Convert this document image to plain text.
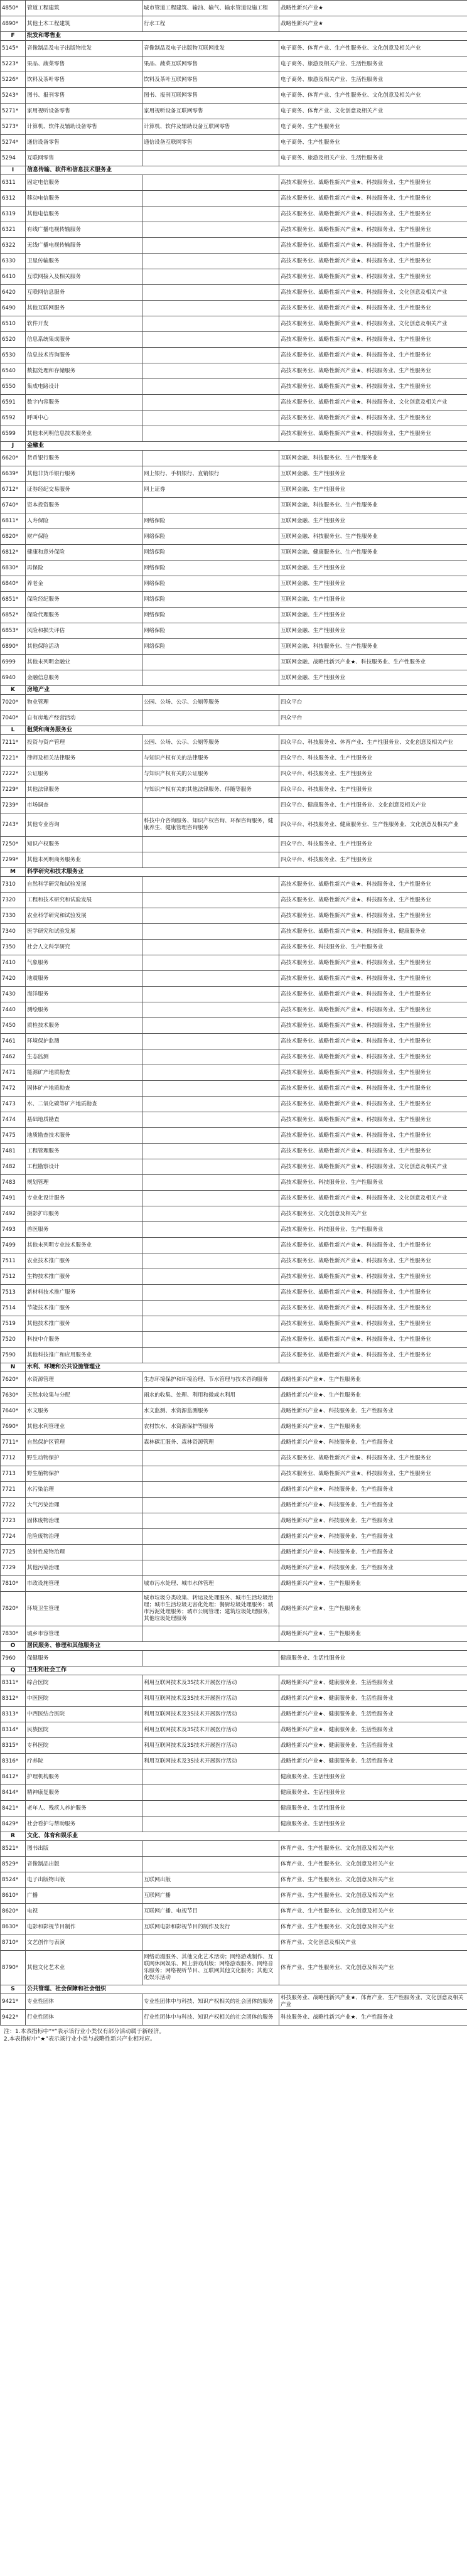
4850*	管道工程建筑	城市管道工程建筑、输油、输气、输水管道设施工程	战略性新兴产业★
4890*	其他土木工程建筑	行水工程	战略性新兴产业★
F	批发和零售业		
5145*	音像制品及电子出版物批发	音像制品及电子出版物互联网批发	电子商务、体育产业、生产性服务业、文化创意及相关产业
5223*	果品、蔬菜零售	果品、蔬菜互联网零售	电子商务、旅游及相关产业、生活性服务业
5226*	饮料及茶叶零售	饮料及茶叶互联网零售	电子商务、旅游及相关产业、生活性服务业
5243*	图书、报刊零售	图书、报刊互联网零售	电子商务、体育产业、生产性服务业、文化创意及相关产业
5271*	家用视听设备零售	家用视听设备互联网零售	电子商务、体育产业、文化创意及相关产业
5273*	计算机、软件及辅助设备零售	计算机、软件及辅助设备互联网零售	电子商务、生产性服务业
5274*	通信设备零售	通信设备互联网零售	电子商务、生产性服务业
5294	互联网零售		电子商务、旅游及相关产业、生活性服务业
I	信息传输、软件和信息技术服务业		
6311	固定电信服务		高技术服务业、战略性新兴产业★、科技服务业、生产性服务业
6312	移动电信服务		高技术服务业、战略性新兴产业★、科技服务业、生产性服务业
6319	其他电信服务		高技术服务业、战略性新兴产业★、科技服务业、生产性服务业
6321	有线广播电视传输服务		高技术服务业、战略性新兴产业★、科技服务业、生产性服务业
6322	无线广播电视传输服务		高技术服务业、战略性新兴产业★、科技服务业、生产性服务业
6330	卫星传输服务		高技术服务业、战略性新兴产业★、科技服务业、生产性服务业
6410	互联网接入及相关服务		高技术服务业、战略性新兴产业★、科技服务业、生产性服务业
6420	互联网信息服务		高技术服务业、战略性新兴产业★、科技服务业、文化创意及相关产业
6490	其他互联网服务		高技术服务业、战略性新兴产业★、科技服务业、生产性服务业
6510	软件开发		高技术服务业、战略性新兴产业★、科技服务业、文化创意及相关产业
6520	信息系统集成服务		高技术服务业、战略性新兴产业★、科技服务业、生产性服务业
6530	信息技术咨询服务		高技术服务业、战略性新兴产业★、科技服务业、生产性服务业
6540	数据处理和存储服务		高技术服务业、战略性新兴产业★、科技服务业、生产性服务业
6550	集成电路设计		高技术服务业、战略性新兴产业★、科技服务业、生产性服务业
6591	数字内容服务		高技术服务业、战略性新兴产业★、科技服务业、文化创意及相关产业
6592	呼叫中心		高技术服务业、战略性新兴产业★、科技服务业、生产性服务业
6599	其他未列明信息技术服务业		高技术服务业、战略性新兴产业★、科技服务业、生产性服务业
J	金融业		
6620*	货币银行服务		互联网金融、科技服务业、生产性服务业
6639*	其他非货币银行服务	网上银行、手机银行、直销银行	互联网金融、生产性服务业
6712*	证券经纪交易服务	网上证券	互联网金融、生产性服务业
6740*	资本投资服务		互联网金融、科技服务业、生产性服务业
6811*	人寿保险	网络保险	互联网金融、生产性服务业
6820*	财产保险	网络保险	互联网金融、科技服务业、生产性服务业
6812*	健康和意外保险	网络保险	互联网金融、健康服务业、生产性服务业
6830*	再保险	网络保险	互联网金融、生产性服务业
6840*	养老金	网络保险	互联网金融、生产性服务业
6851*	保险经纪服务	网络保险	互联网金融、生产性服务业
6852*	保险代理服务	网络保险	互联网金融、生产性服务业
6853*	风险和损失评估	网络保险	互联网金融、生产性服务业
6890*	其他保险活动	网络保险	互联网金融、科技服务业、生产性服务业
6999	其他未列明金融业		互联网金融、战略性新兴产业★、科技服务业、生产性服务业
6940	金融信息服务		互联网金融、生产性服务业
K	房地产业		
7020*	物业管理	公园、公场、公示、公厕等服务	四众平台
7040*	自有房地产经营活动		四众平台
L	租赁和商务服务业		
7211*	投资与资产管理	公园、公场、公示、公厕等服务	四众平台、科技服务业、体育产业、生产性服务业、文化创意及相关产业
7221*	律师及相关法律服务	与知识产权有关的法律服务	四众平台、科技服务业、生产性服务业
7222*	公证服务	与知识产权有关的公证服务	四众平台、科技服务业、生产性服务业
7229*	其他法律服务	与知识产权有关的其他法律服务、伴随等服务	四众平台、科技服务业、生产性服务业
7239*	市场调查		四众平台、健康服务业、生产性服务业、文化创意及相关产业
7243*	其他专业咨询	科技中介咨询服务、知识产权咨询、环保咨询服务，健康养生、健康管理咨询服务	四众平台、科技服务业、健康服务业、生产性服务业、文化创意及相关产业
7250*	知识产权服务		四众平台、科技服务业、生产性服务业
7299*	其他未列明商务服务业		四众平台、科技服务业、生产性服务业
M	科学研究和技术服务业		
7310	自然科学研究和试验发展		高技术服务业、战略性新兴产业★、科技服务业、生产性服务业
7320	工程和技术研究和试验发展		高技术服务业、战略性新兴产业★、科技服务业、生产性服务业
7330	农业科学研究和试验发展		高技术服务业、战略性新兴产业★、科技服务业、生产性服务业
7340	医学研究和试验发展		高技术服务业、战略性新兴产业★、科技服务业、健康服务业
7350	社会人文科学研究		高技术服务业、科技服务业、生产性服务业
7410	气象服务		高技术服务业、战略性新兴产业★、科技服务业、生产性服务业
7420	地震服务		高技术服务业、战略性新兴产业★、科技服务业、生产性服务业
7430	海洋服务		高技术服务业、战略性新兴产业★、科技服务业、生产性服务业
7440	测绘服务		高技术服务业、战略性新兴产业★、科技服务业、生产性服务业
7450	质检技术服务		高技术服务业、战略性新兴产业★、科技服务业、生产性服务业
7461	环境保护监测		高技术服务业、战略性新兴产业★、科技服务业、生产性服务业
7462	生态监测		高技术服务业、战略性新兴产业★、科技服务业、生产性服务业
7471	能源矿产地质勘查		高技术服务业、战略性新兴产业★、科技服务业、生产性服务业
7472	固体矿产地质勘查		高技术服务业、战略性新兴产业★、科技服务业、生产性服务业
7473	水、二氧化碳等矿产地质勘查		高技术服务业、战略性新兴产业★、科技服务业、生产性服务业
7474	基础地质勘查		高技术服务业、战略性新兴产业★、科技服务业、生产性服务业
7475	地质勘查技术服务		高技术服务业、战略性新兴产业★、科技服务业、生产性服务业
7481	工程管理服务		高技术服务业、战略性新兴产业★、科技服务业、生产性服务业
7482	工程勘察设计		高技术服务业、战略性新兴产业★、科技服务业、文化创意及相关产业
7483	规划管理		高技术服务业、科技服务业、生产性服务业
7491	专业化设计服务		高技术服务业、战略性新兴产业★、科技服务业、文化创意及相关产业
7492	摄影扩印服务		高技术服务业、文化创意及相关产业
7493	兽医服务		高技术服务业、科技服务业、生产性服务业
7499	其他未列明专业技术服务业		高技术服务业、战略性新兴产业★、科技服务业、生产性服务业
7511	农业技术推广服务		高技术服务业、战略性新兴产业★、科技服务业、生产性服务业
7512	生物技术推广服务		高技术服务业、战略性新兴产业★、科技服务业、生产性服务业
7513	新材料技术推广服务		高技术服务业、战略性新兴产业★、科技服务业、生产性服务业
7514	节能技术推广服务		高技术服务业、战略性新兴产业★、科技服务业、生产性服务业
7519	其他技术推广服务		高技术服务业、战略性新兴产业★、科技服务业、生产性服务业
7520	科技中介服务		高技术服务业、战略性新兴产业★、科技服务业、生产性服务业
7590	其他科技推广和应用服务业		高技术服务业、战略性新兴产业★、科技服务业、生产性服务业
N	水利、环境和公共设施管理业		
7620*	水资源管理	生态环境保护和环境治理、节水管理与技术咨询服务	战略性新兴产业★、生产性服务业
7630*	天然水收集与分配	雨水的收集、处理、利用和微咸水利用	战略性新兴产业★、生产性服务业
7640*	水文服务	水文监测、水资源监测服务	战略性新兴产业★、科技服务业、生产性服务业
7690*	其他水利管理业	农村饮水、水资源保护等服务	战略性新兴产业★、生产性服务业
7711*	自然保护区管理	森林碳汇服务、森林资源管理	战略性新兴产业★、科技服务业、生产性服务业
7712	野生动物保护		高技术服务业、战略性新兴产业★、科技服务业、生产性服务业
7713	野生植物保护		高技术服务业、战略性新兴产业★、科技服务业、生产性服务业
7721	水污染治理		战略性新兴产业★、科技服务业、生产性服务业
7722	大气污染治理		战略性新兴产业★、科技服务业、生产性服务业
7723	固体废物治理		战略性新兴产业★、科技服务业、生产性服务业
7724	危险废物治理		战略性新兴产业★、科技服务业、生产性服务业
7725	放射性废物治理		战略性新兴产业★、科技服务业、生产性服务业
7729	其他污染治理		战略性新兴产业★、科技服务业、生产性服务业
7810*	市政设施管理	城市污水处理、城市水体管理	战略性新兴产业★、生产性服务业
7820*	环境卫生管理	城市垃圾分类收集、转运及处理服务、城市生活垃圾治理；城市生活垃圾无害化处理；餐厨垃圾处理服务；城市污泥处理服务；城市公厕管理；建筑垃圾处理服务，其他垃圾处理服务	战略性新兴产业★、生产性服务业
7830*	城乡市容管理		战略性新兴产业★、生产性服务业
O	居民服务、修理和其他服务业		
7960	保健服务		健康服务业、生活性服务业
Q	卫生和社会工作		
8311*	综合医院	利用互联网技术及3S技术开展医疗活动	战略性新兴产业★、健康服务业、生活性服务业
8312*	中医医院	利用互联网技术及3S技术开展医疗活动	战略性新兴产业★、健康服务业、生活性服务业
8313*	中西医结合医院	利用互联网技术及3S技术开展医疗活动	战略性新兴产业★、健康服务业、生活性服务业
8314*	民族医院	利用互联网技术及3S技术开展医疗活动	战略性新兴产业★、健康服务业、生活性服务业
8315*	专科医院	利用互联网技术及3S技术开展医疗活动	战略性新兴产业★、健康服务业、生活性服务业
8316*	疗养院	利用互联网技术及3S技术开展医疗活动	战略性新兴产业★、健康服务业、生活性服务业
8412*	护理机构服务		健康服务业、生活性服务业
8414*	精神康复服务		健康服务业、生活性服务业
8421*	老年人、残疾人养护服务		健康服务业、生活性服务业
8429*	社会看护与帮助服务		健康服务业、生活性服务业
R	文化、体育和娱乐业		
8521*	图书出版		体育产业、生产性服务业、文化创意及相关产业
8529*	音像制品出版		体育产业、生产性服务业、文化创意及相关产业
8524*	电子出版物出版	互联网出版	体育产业、生产性服务业、文化创意及相关产业
8610*	广播	互联网广播	体育产业、生产性服务业、文化创意及相关产业
8620*	电视	互联网广播、电视节目	体育产业、生产性服务业、文化创意及相关产业
8630*	电影和影视节目制作	互联网电影和影视节目的制作及发行	体育产业、生产性服务业、文化创意及相关产业
8710*	文艺创作与表演		体育产业、文化创意及相关产业
8790*	其他文化艺术业	网络动漫服务、其他文化艺术活动；网络游戏制作、互联网休闲娱乐、网上游戏出版；网络游戏服务、网络音乐服务；网络视听节目、互联网其他文化服务；其他文化娱乐活动	体育产业、生产性服务业、文化创意及相关产业
S	公共管理、社会保障和社会组织		
9421*	专业性团体	专业性团体中与科技、知识产权相关的社会团体的服务	科技服务业、战略性新兴产业★、体育产业、生产性服务业、文化创意及相关产业
9422*	行业性团体	行业性团体中与科技、知识产权相关的社会团体的服务	科技服务业、战略性新兴产业★、生产性服务业
注：1.本表指标中“*”表示该行业小类仅有部分活动属于新经济。
2.本表指标中“★”表示该行业小类与战略性新兴产业相对应。
